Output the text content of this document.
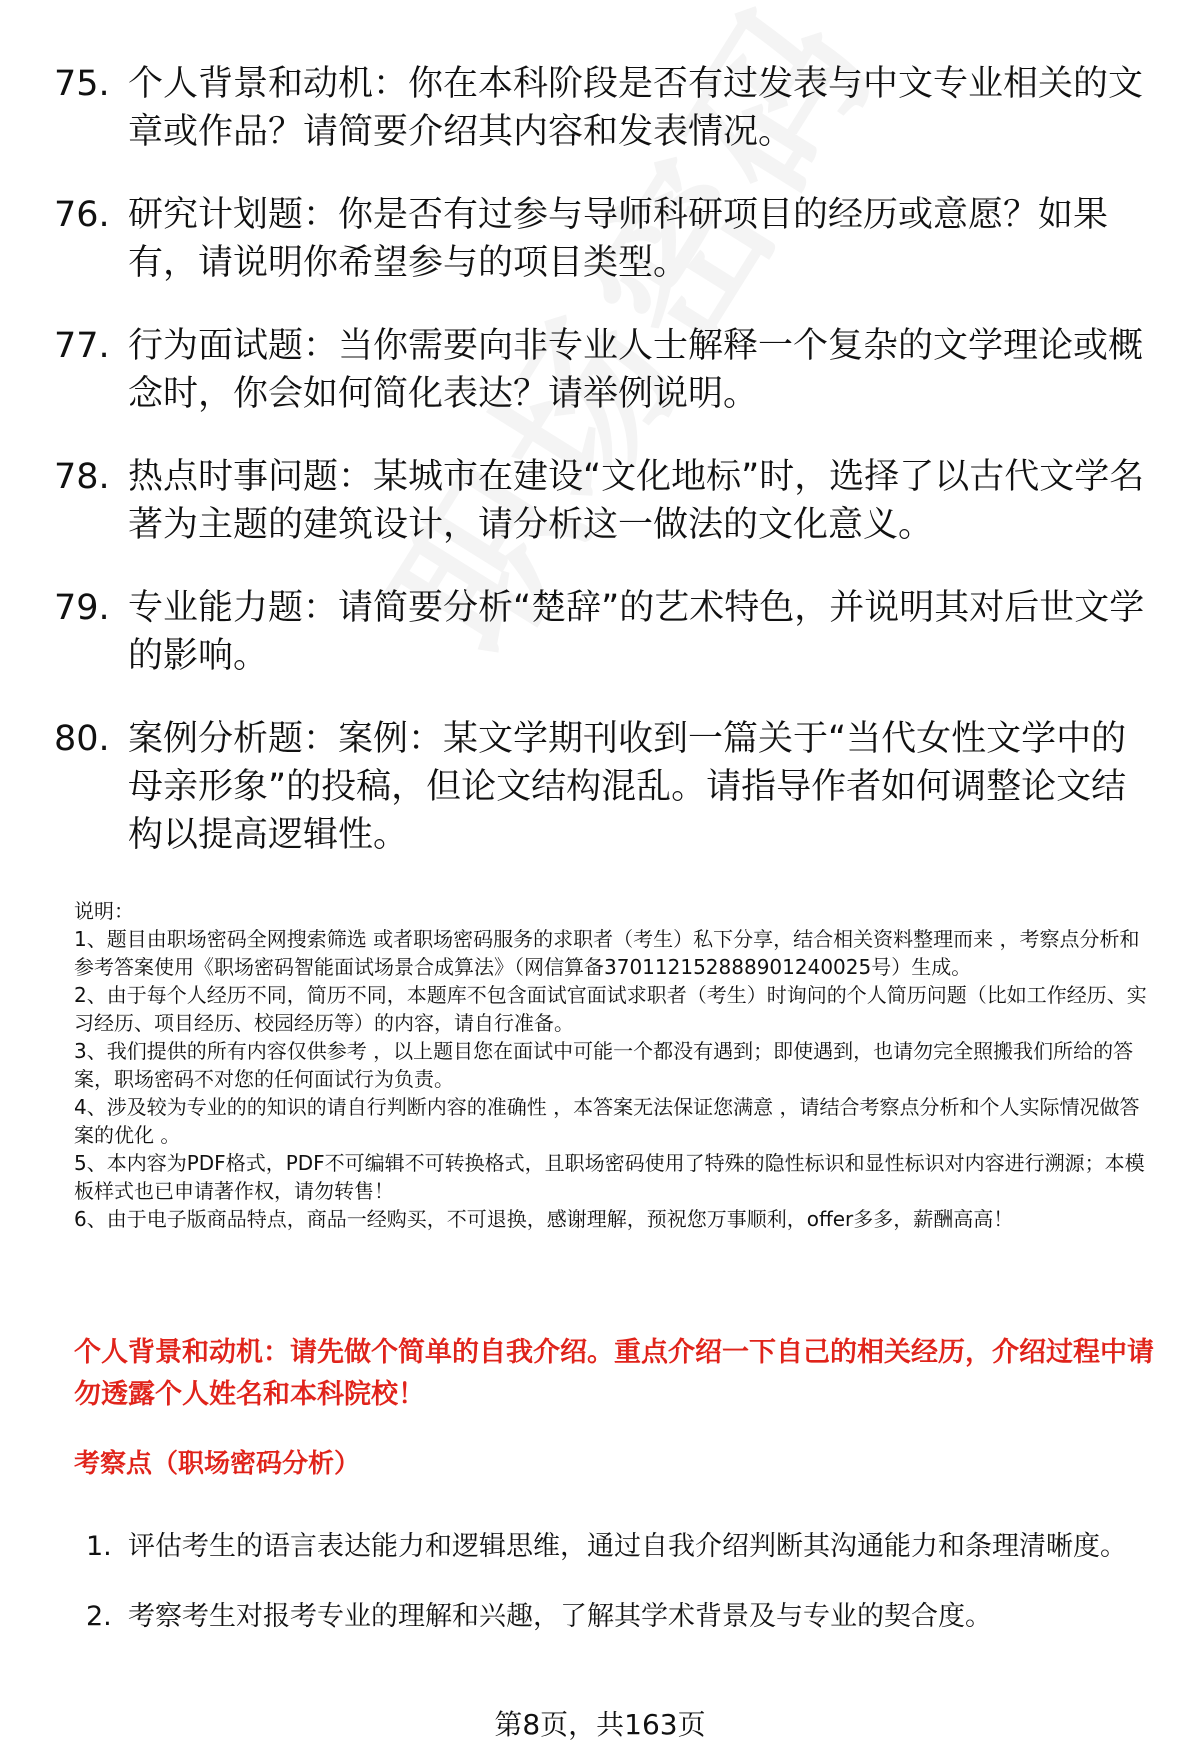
75. 个人背景和动机：你在本科阶段是否有过发表与中文专业相关的文章或作品？请简要介绍其内容和发表情况。
76. 研究计划题：你是否有过参与导师科研项目的经历或意愿？如果有，请说明你希望参与的项目类型。
77. 行为面试题：当你需要向非专业人士解释一个复杂的文学理论或概念时，你会如何简化表达？请举例说明。
78. 热点时事问题：某城市在建设“文化地标”时，选择了以古代文学名著为主题的建筑设计，请分析这一做法的文化意义。
79. 专业能力题：请简要分析“楚辞”的艺术特色，并说明其对后世文学的影响。
80. 案例分析题：案例：某文学期刊收到一篇关于“当代女性文学中的母亲形象”的投稿，但论文结构混乱。请指导作者如何调整论文结构以提高逻辑性。

说明：

1、题目由职场密码全网搜索筛选 或者职场密码服务的求职者（考生）私下分享，结合相关资料整理而来 ，考察点分析和参考答案使用《职场密码智能面试场景合成算法》（网信算备370112152888901240025号）生成。

2、由于每个人经历不同，简历不同，本题库不包含面试官面试求职者（考生）时询问的个人简历问题（比如工作经历、实习经历、项目经历、校园经历等）的内容，请自行准备。

3、我们提供的所有内容仅供参考 ，以上题目您在面试中可能一个都没有遇到；即使遇到，也请勿完全照搬我们所给的答案，职场密码不对您的任何面试行为负责。

4、涉及较为专业的的知识的请自行判断内容的准确性 ，本答案无法保证您满意 ，请结合考察点分析和个人实际情况做答案的优化 。

5、本内容为PDF格式，PDF不可编辑不可转换格式，且职场密码使用了特殊的隐性标识和显性标识对内容进行溯源；本模板样式也已申请著作权，请勿转售！

6、由于电子版商品特点，商品一经购买，不可退换，感谢理解，预祝您万事顺利，offer多多，薪酬高高！

个人背景和动机：请先做个简单的自我介绍。重点介绍一下自己的相关经历，介绍过程中请勿透露个人姓名和本科院校！
考察点（职场密码分析）
1. 评估考生的语言表达能力和逻辑思维，通过自我介绍判断其沟通能力和条理清晰度。
2. 考察考生对报考专业的理解和兴趣，了解其学术背景及与专业的契合度。
第8页，共163页
